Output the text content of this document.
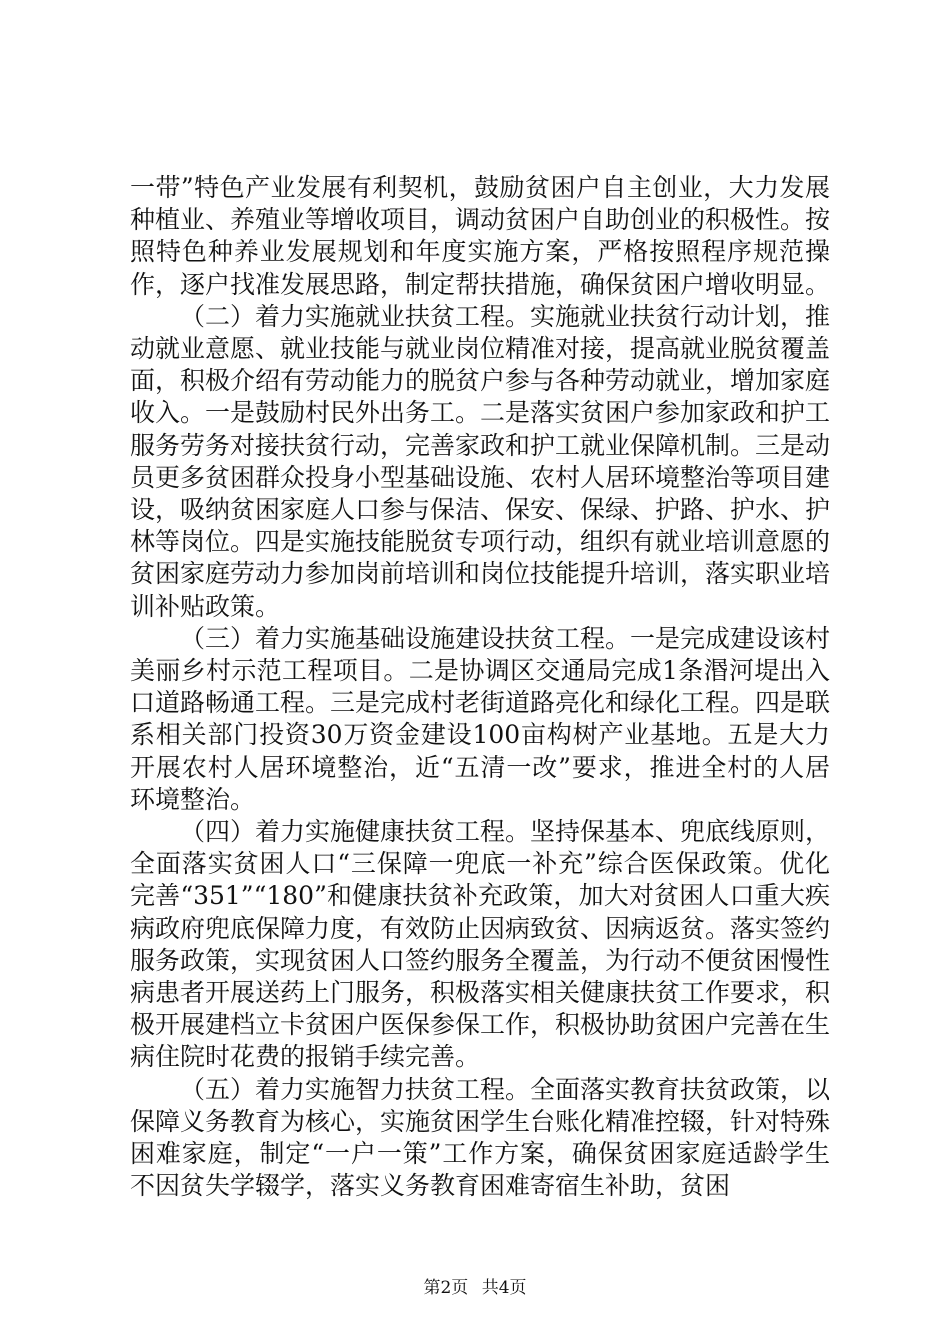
一带”特色产业发展有利契机，鼓励贫困户自主创业，大力发展种植业、养殖业等增收项目，调动贫困户自助创业的积极性。按照特色种养业发展规划和年度实施方案，严格按照程序规范操作，逐户找准发展思路，制定帮扶措施，确保贫困户增收明显。

（二）着力实施就业扶贫工程。实施就业扶贫行动计划，推动就业意愿、就业技能与就业岗位精准对接，提高就业脱贫覆盖面，积极介绍有劳动能力的脱贫户参与各种劳动就业，增加家庭收入。一是鼓励村民外出务工。二是落实贫困户参加家政和护工服务劳务对接扶贫行动，完善家政和护工就业保障机制。三是动员更多贫困群众投身小型基础设施、农村人居环境整治等项目建设，吸纳贫困家庭人口参与保洁、保安、保绿、护路、护水、护林等岗位。四是实施技能脱贫专项行动，组织有就业培训意愿的贫困家庭劳动力参加岗前培训和岗位技能提升培训，落实职业培训补贴政策。

（三）着力实施基础设施建设扶贫工程。一是完成建设该村美丽乡村示范工程项目。二是协调区交通局完成1条湣河堤出入口道路畅通工程。三是完成村老街道路亮化和绿化工程。四是联系相关部门投资30万资金建设100亩构树产业基地。五是大力开展农村人居环境整治，近“五清一改”要求，推进全村的人居环境整治。

（四）着力实施健康扶贫工程。坚持保基本、兜底线原则，全面落实贫困人口“三保障一兜底一补充”综合医保政策。优化完善“351”“180”和健康扶贫补充政策，加大对贫困人口重大疾病政府兜底保障力度，有效防止因病致贫、因病返贫。落实签约服务政策，实现贫困人口签约服务全覆盖，为行动不便贫困慢性病患者开展送药上门服务，积极落实相关健康扶贫工作要求，积极开展建档立卡贫困户医保参保工作，积极协助贫困户完善在生病住院时花费的报销手续完善。

（五）着力实施智力扶贫工程。全面落实教育扶贫政策，以保障义务教育为核心，实施贫困学生台账化精准控辍，针对特殊困难家庭，制定“一户一策”工作方案，确保贫困家庭适龄学生不因贫失学辍学，落实义务教育困难寄宿生补助，贫困

第2页 共4页
